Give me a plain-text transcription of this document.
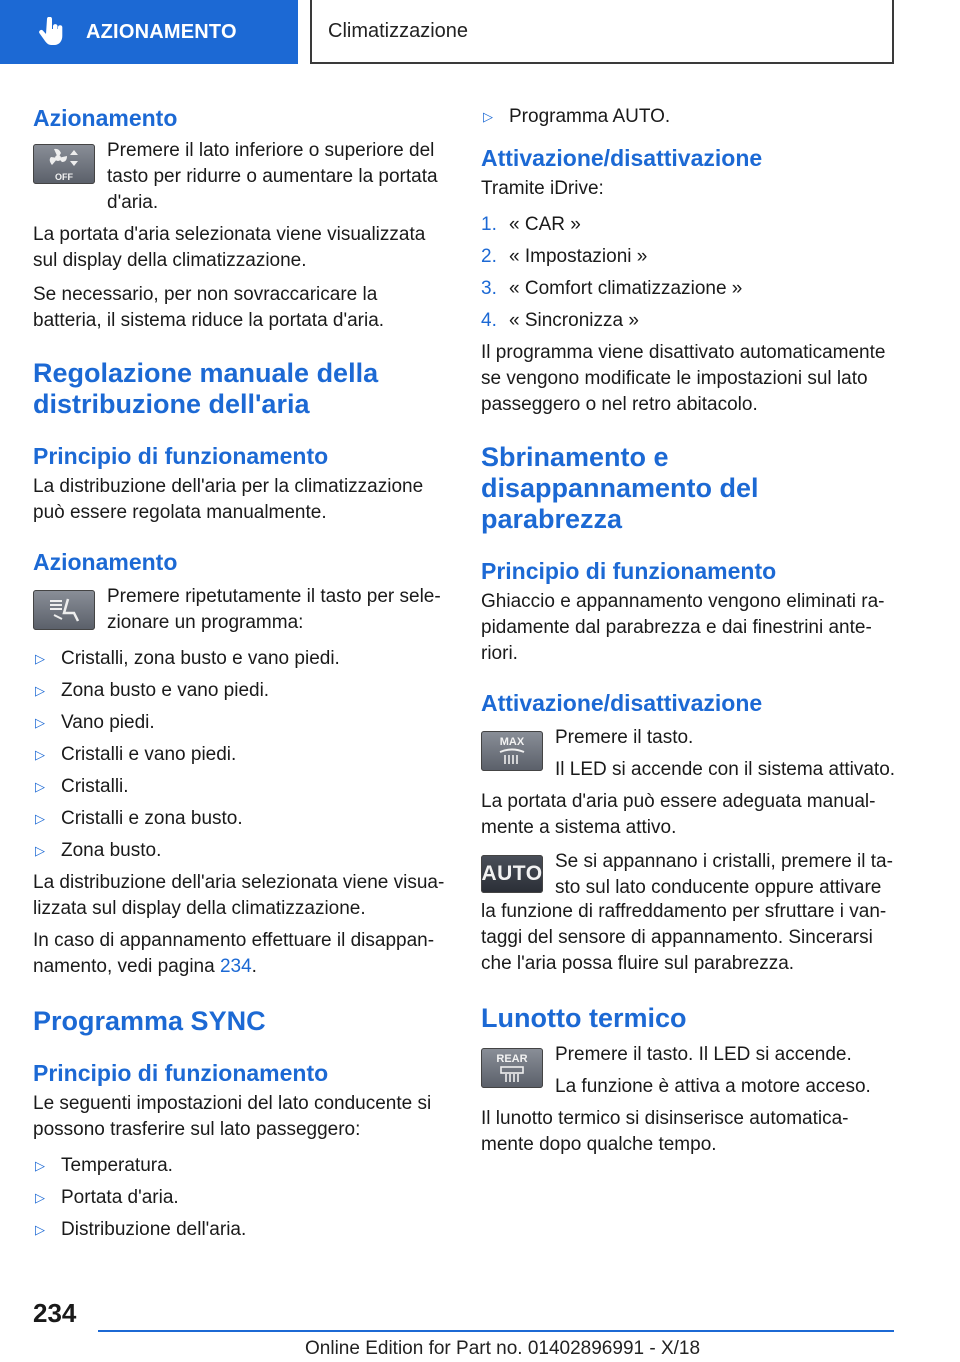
AZIONAMENTO	Climatizzazione
Azionamento
OFF

Premere il lato inferiore o superiore del tasto per ridurre o aumentare la portata d'aria.

La portata d'aria selezionata viene visualizzata sul display della climatizzazione.

Se necessario, per non sovraccaricare la batteria, il sistema riduce la portata d'aria.

Regolazione manuale della distribuzione dell'aria
Principio di funzionamento

La distribuzione dell'aria per la climatizzazione può essere regolata manualmente.

Azionamento

Premere ripetutamente il tasto per sele‐zionare un programma:

▷ Cristalli, zona busto e vano piedi.
▷ Zona busto e vano piedi.
▷ Vano piedi.
▷ Cristalli e vano piedi.
▷ Cristalli.
▷ Cristalli e zona busto.
▷ Zona busto.

La distribuzione dell'aria selezionata viene visua‐lizzata sul display della climatizzazione.

In caso di appannamento effettuare il disappan‐namento, vedi pagina 234.

Programma SYNC
Principio di funzionamento

Le seguenti impostazioni del lato conducente si possono trasferire sul lato passeggero:

▷ Temperatura.
▷ Portata d'aria.
▷ Distribuzione dell'aria.
▷ Programma AUTO.
Attivazione/disattivazione

Tramite iDrive:

1. « CAR »
2. « Impostazioni »
3. « Comfort climatizzazione »
4. « Sincronizza »

Il programma viene disattivato automaticamente se vengono modificate le impostazioni sul lato passeggero o nel retro abitacolo.

Sbrinamento e disappannamento del parabrezza
Principio di funzionamento

Ghiaccio e appannamento vengono eliminati ra‐pidamente dal parabrezza e dai finestrini ante‐riori.

Attivazione/disattivazione
MAX Premere il tasto.

Il LED si accende con il sistema attivato.

La portata d'aria può essere adeguata manual‐mente a sistema attivo.

AUTO

Se si appannano i cristalli, premere il ta‐sto sul lato conducente oppure attivare

la funzione di raffreddamento per sfruttare i van‐taggi del sensore di appannamento. Sincerarsi che l'aria possa fluire sul parabrezza.

Lunotto termico
REAR Premere il tasto. Il LED si accende.

La funzione è attiva a motore acceso.

Il lunotto termico si disinserisce automatica‐mente dopo qualche tempo.

234
Online Edition for Part no. 01402896991 - X/18
